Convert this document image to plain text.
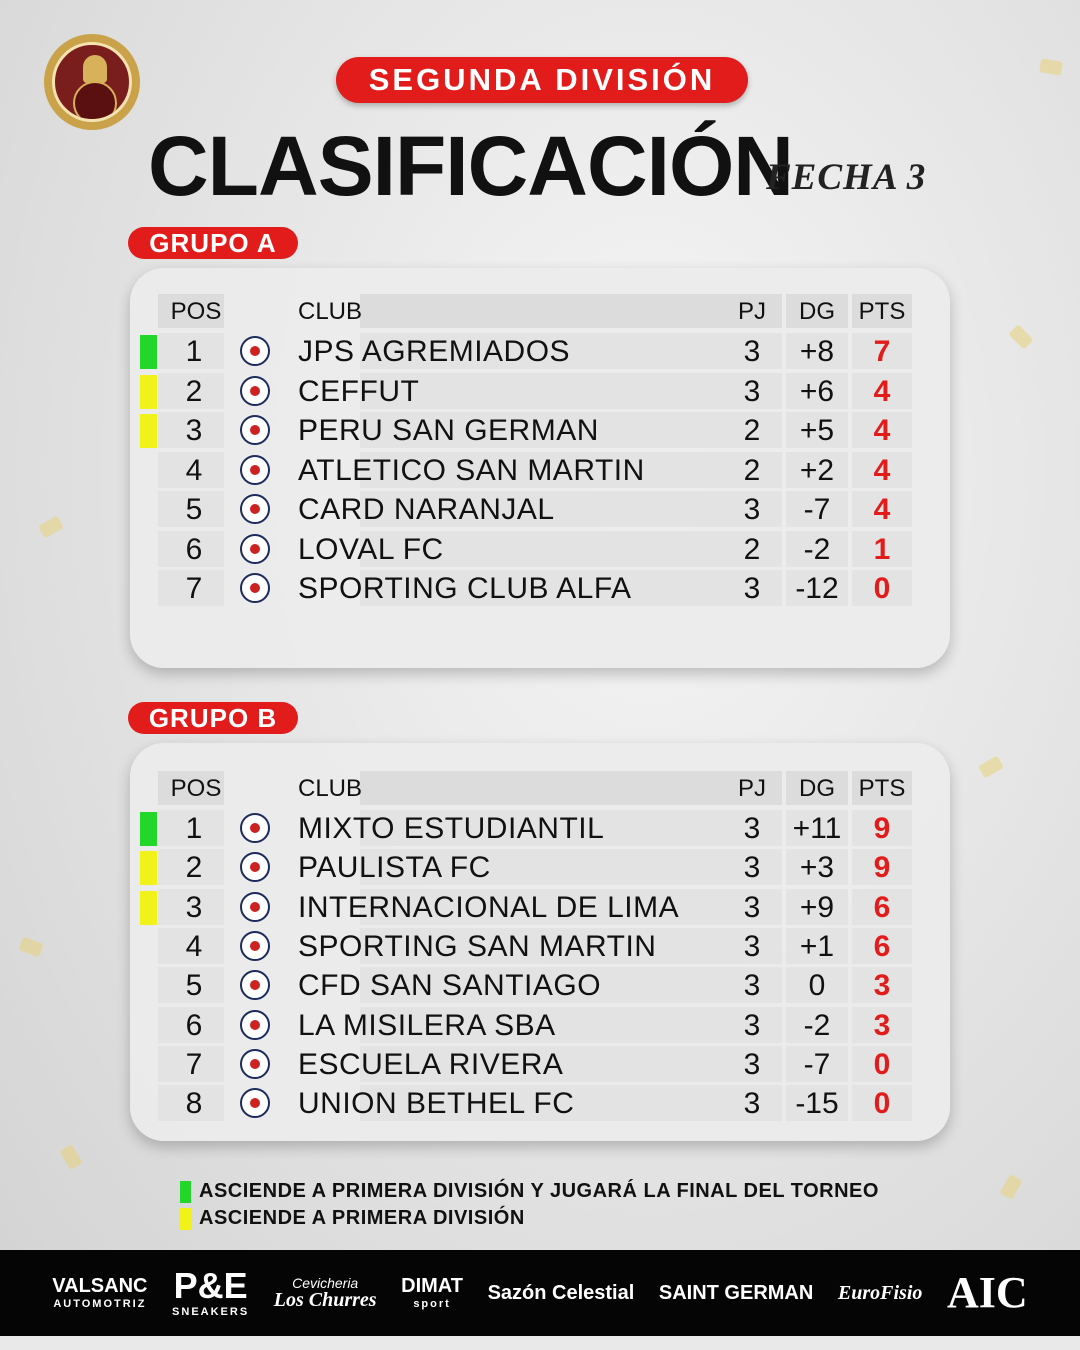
SEGUNDA DIVISIÓN
CLASIFICACIÓN
FECHA 3
GRUPO A
POS	CLUB	PJ	DG PTS
1	JPS AGREMIADOS	3	+8	7
2	CEFFUT	3	+6	4
3	PERU SAN GERMAN	2	+5	4
4	ATLETICO SAN MARTIN	2	+2	4
5	CARD NARANJAL	3	-7	4
6	LOVAL FC	2	-2	1
7	SPORTING CLUB ALFA	3	-12	0
GRUPO B
POS	CLUB	PJ	DG PTS
1	MIXTO ESTUDIANTIL	3	+11	9
2	PAULISTA FC	3	+3	9
3	INTERNACIONAL DE LIMA	3	+9	6
4	SPORTING SAN MARTIN	3	+1	6
5	CFD SAN SANTIAGO	3	0	3
6	LA MISILERA SBA	3	-2	3
7	ESCUELA RIVERA	3	-7	0
8	UNION BETHEL FC	3	-15	0
ASCIENDE A PRIMERA DIVISIÓN Y JUGARÁ LA FINAL DEL TORNEO
ASCIENDE A PRIMERA DIVISIÓN
VALSANC
AUTOMOTRIZ P&E
SNEAKERS
Cevicheria
Los Churres
DIMAT
sport	Sazón Celestial SAINT GERMAN EuroFisio AIC
